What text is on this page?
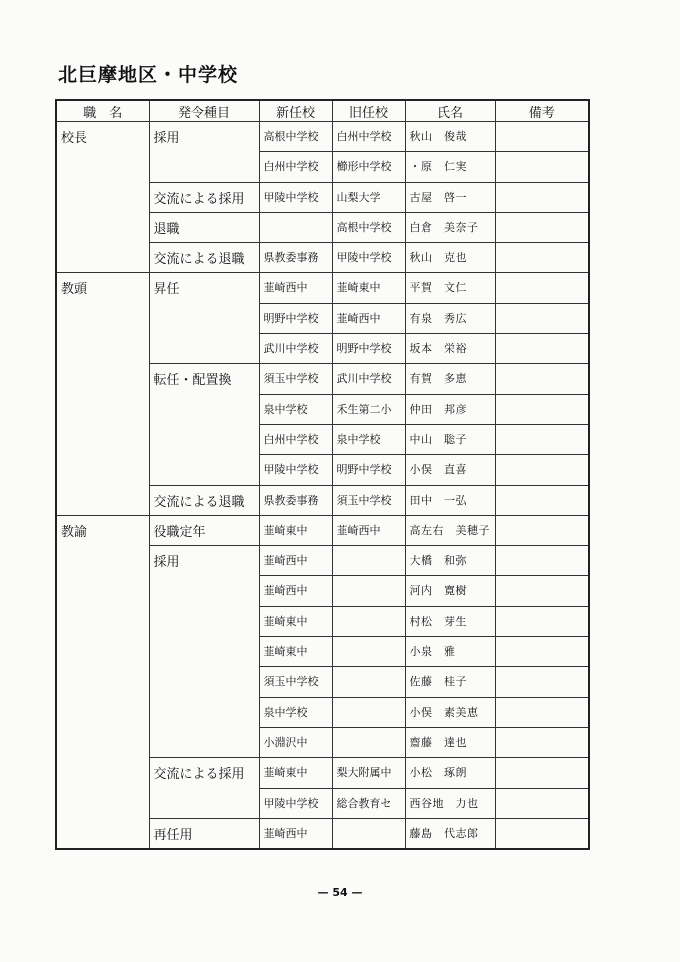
北巨摩地区・中学校
職　名	発令種目	新任校	旧任校	氏名	備考
校長	採用	高根中学校	白州中学校	秋山　俊哉	
		白州中学校	櫛形中学校	・原　仁実	
	交流による採用	甲陵中学校	山梨大学	古屋　啓一	
	退職		高根中学校	白倉　美奈子	
	交流による退職	県教委事務	甲陵中学校	秋山　克也	
教頭	昇任	韮崎西中	韮崎東中	平賀　文仁	
		明野中学校	韮崎西中	有泉　秀広	
		武川中学校	明野中学校	坂本　栄裕	
	転任・配置換	須玉中学校	武川中学校	有賀　多恵	
		泉中学校	禾生第二小	仲田　邦彦	
		白州中学校	泉中学校	中山　聡子	
		甲陵中学校	明野中学校	小俣　直喜	
	交流による退職	県教委事務	須玉中学校	田中　一弘	
教諭	役職定年	韮崎東中	韮崎西中	高左右　美穂子	
	採用	韮崎西中		大橋　和弥	
		韮崎西中		河内　寛樹	
		韮崎東中		村松　芽生	
		韮崎東中		小泉　雅	
		須玉中学校		佐藤　桂子	
		泉中学校		小俣　素美恵	
		小淵沢中		齋藤　達也	
	交流による採用	韮崎東中	梨大附属中	小松　琢朗	
		甲陵中学校	総合教育セ	西谷地　力也	
	再任用	韮崎西中		藤島　代志郎	
— 54 —
